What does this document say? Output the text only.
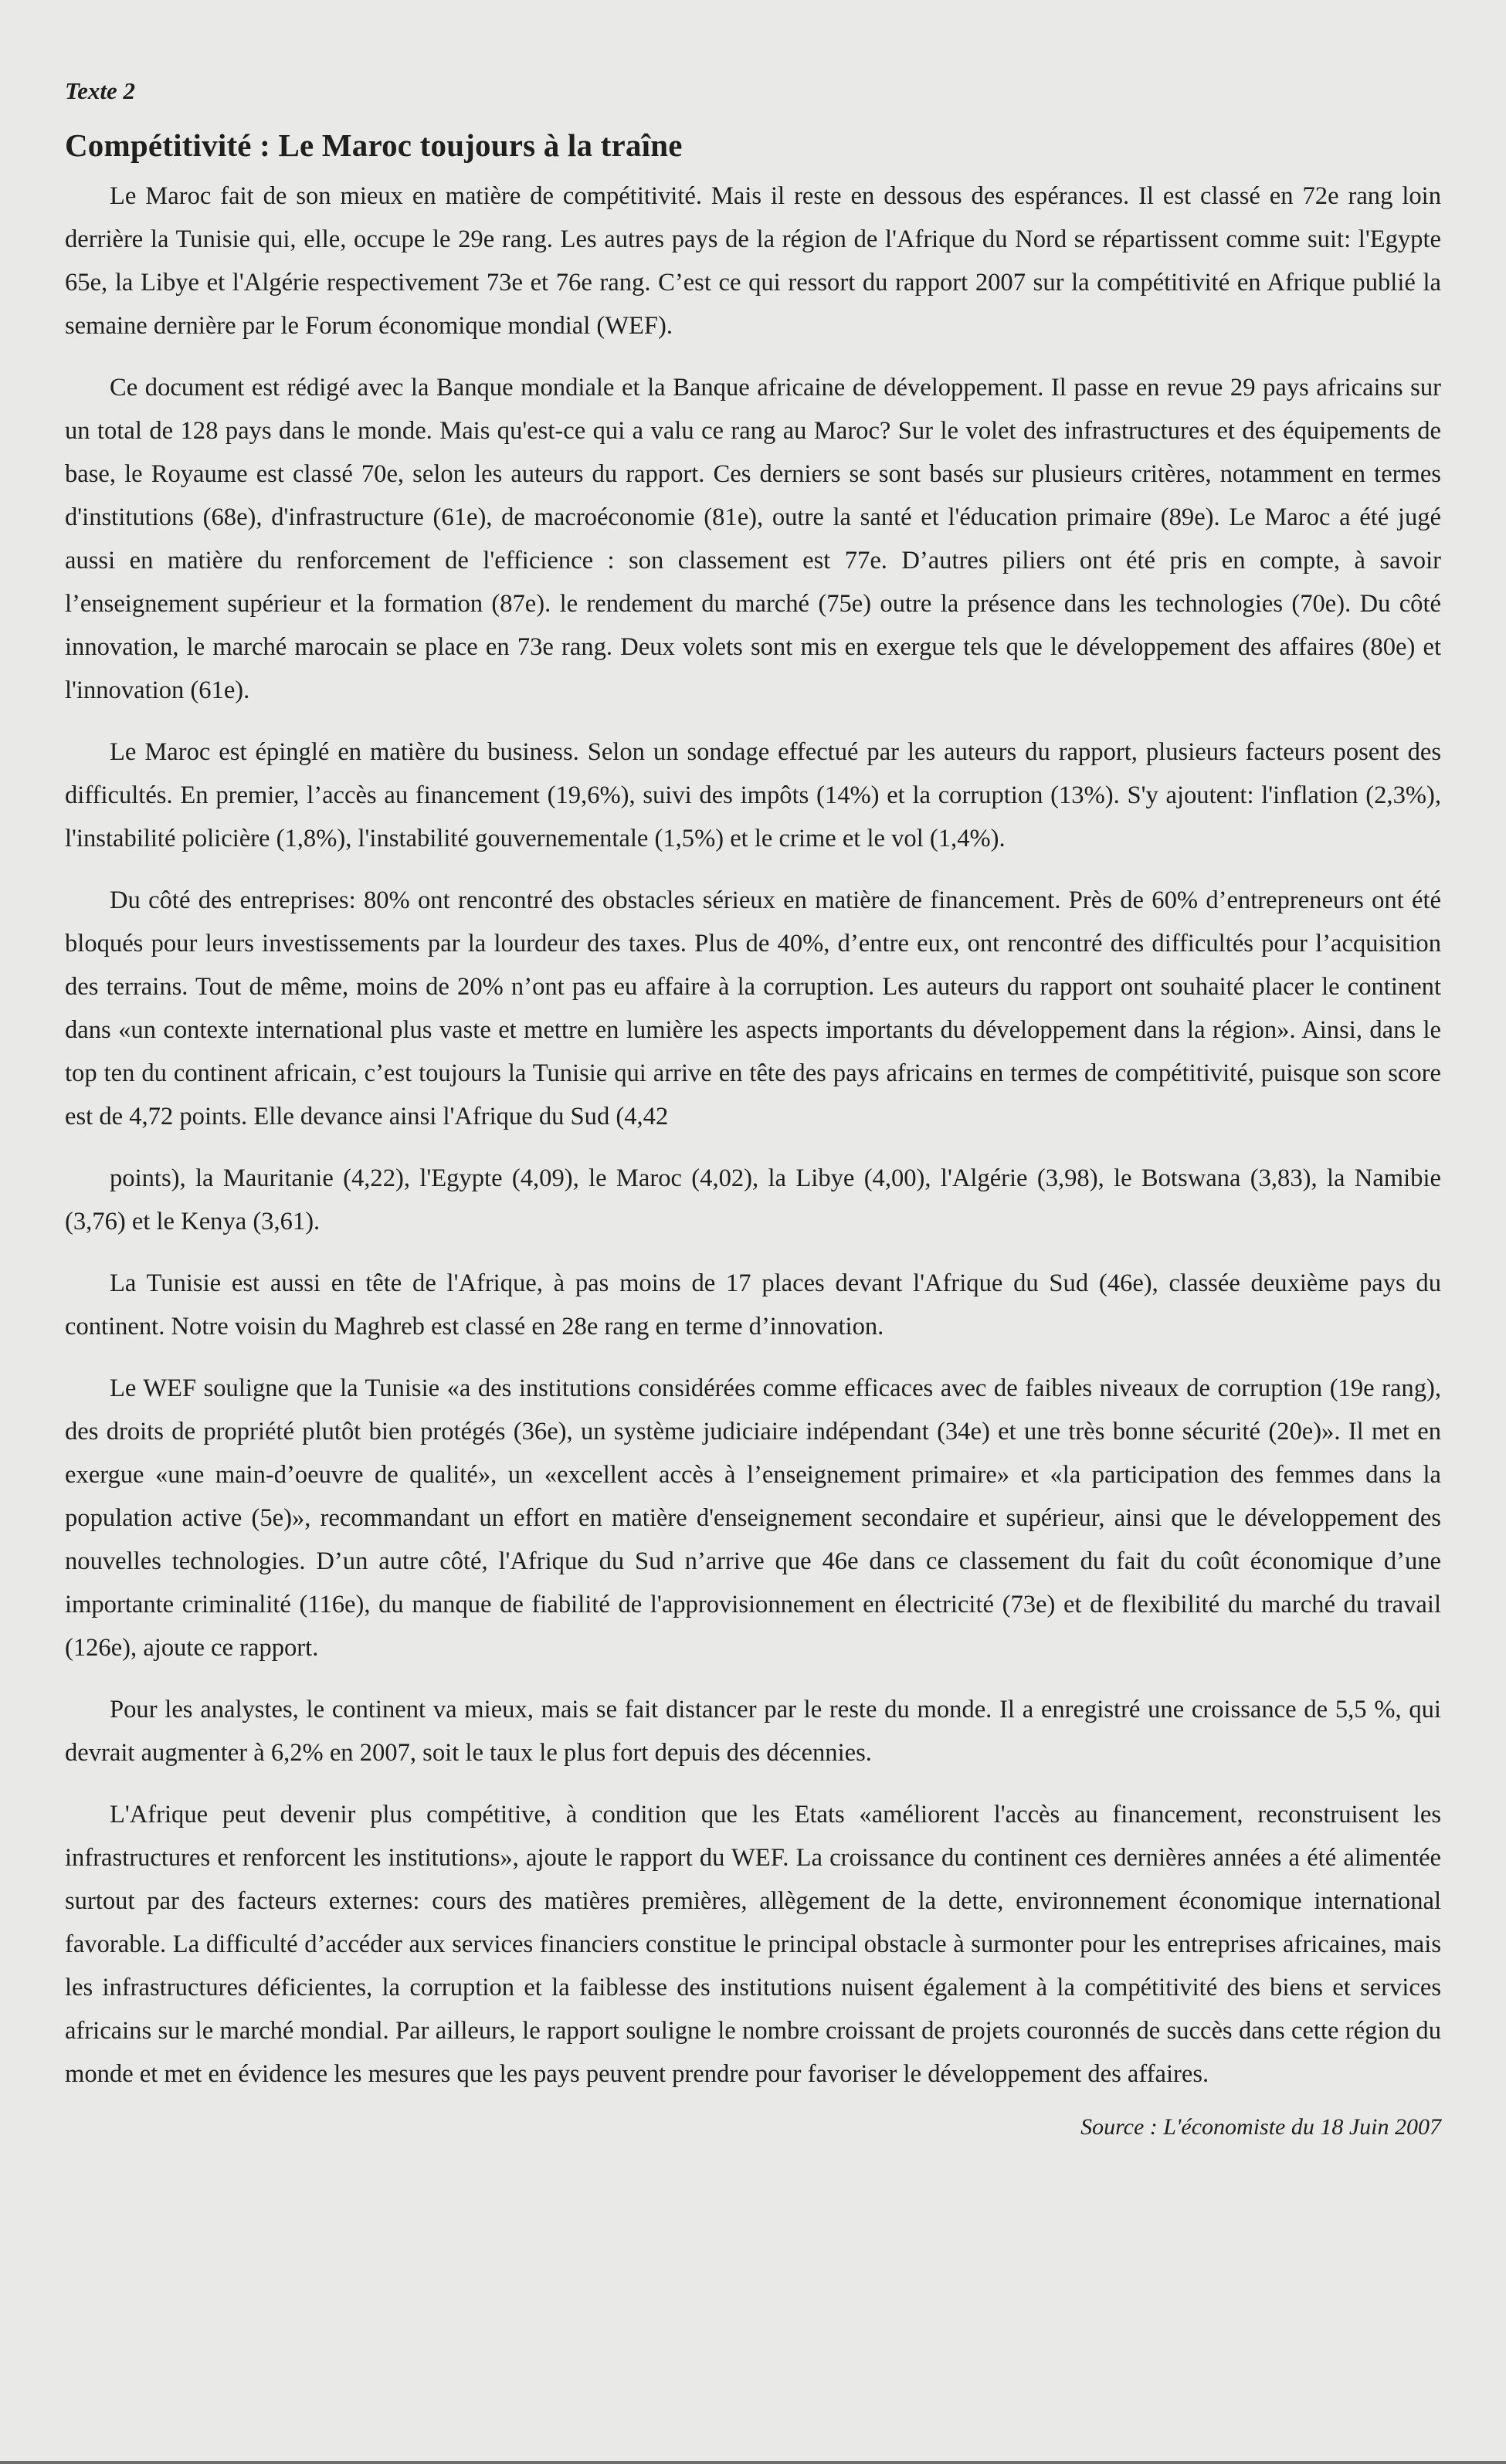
Texte 2
Compétitivité : Le Maroc toujours à la traîne

Le Maroc fait de son mieux en matière de compétitivité. Mais il reste en dessous des espérances. Il est classé en 72e rang loin derrière la Tunisie qui, elle, occupe le 29e rang. Les autres pays de la région de l'Afrique du Nord se répartissent comme suit: l'Egypte 65e, la Libye et l'Algérie respectivement 73e et 76e rang. C’est ce qui ressort du rapport 2007 sur la compétitivité en Afrique publié la semaine dernière par le Forum économique mondial (WEF).

Ce document est rédigé avec la Banque mondiale et la Banque africaine de développement. Il passe en revue 29 pays africains sur un total de 128 pays dans le monde. Mais qu'est-ce qui a valu ce rang au Maroc? Sur le volet des infrastructures et des équipements de base, le Royaume est classé 70e, selon les auteurs du rapport. Ces derniers se sont basés sur plusieurs critères, notamment en termes d'institutions (68e), d'infrastructure (61e), de macroéconomie (81e), outre la santé et l'éducation primaire (89e). Le Maroc a été jugé aussi en matière du renforcement de l'efficience : son classement est 77e. D’autres piliers ont été pris en compte, à savoir l’enseignement supérieur et la formation (87e). le rendement du marché (75e) outre la présence dans les technologies (70e). Du côté innovation, le marché marocain se place en 73e rang. Deux volets sont mis en exergue tels que le développement des affaires (80e) et l'innovation (61e).

Le Maroc est épinglé en matière du business. Selon un sondage effectué par les auteurs du rapport, plusieurs facteurs posent des difficultés. En premier, l’accès au financement (19,6%), suivi des impôts (14%) et la corruption (13%). S'y ajoutent: l'inflation (2,3%), l'instabilité policière (1,8%), l'instabilité gouvernementale (1,5%) et le crime et le vol (1,4%).

Du côté des entreprises: 80% ont rencontré des obstacles sérieux en matière de financement. Près de 60% d’entrepreneurs ont été bloqués pour leurs investissements par la lourdeur des taxes. Plus de 40%, d’entre eux, ont rencontré des difficultés pour l’acquisition des terrains. Tout de même, moins de 20% n’ont pas eu affaire à la corruption. Les auteurs du rapport ont souhaité placer le continent dans «un contexte international plus vaste et mettre en lumière les aspects importants du développement dans la région». Ainsi, dans le top ten du continent africain, c’est toujours la Tunisie qui arrive en tête des pays africains en termes de compétitivité, puisque son score est de 4,72 points. Elle devance ainsi l'Afrique du Sud (4,42

points), la Mauritanie (4,22), l'Egypte (4,09), le Maroc (4,02), la Libye (4,00), l'Algérie (3,98), le Botswana (3,83), la Namibie (3,76) et le Kenya (3,61).

La Tunisie est aussi en tête de l'Afrique, à pas moins de 17 places devant l'Afrique du Sud (46e), classée deuxième pays du continent. Notre voisin du Maghreb est classé en 28e rang en terme d’innovation.

Le WEF souligne que la Tunisie «a des institutions considérées comme efficaces avec de faibles niveaux de corruption (19e rang), des droits de propriété plutôt bien protégés (36e), un système judiciaire indépendant (34e) et une très bonne sécurité (20e)». Il met en exergue «une main-d’oeuvre de qualité», un «excellent accès à l’enseignement primaire» et «la participation des femmes dans la population active (5e)», recommandant un effort en matière d'enseignement secondaire et supérieur, ainsi que le développement des nouvelles technologies. D’un autre côté, l'Afrique du Sud n’arrive que 46e dans ce classement du fait du coût économique d’une importante criminalité (116e), du manque de fiabilité de l'approvisionnement en électricité (73e) et de flexibilité du marché du travail (126e), ajoute ce rapport.

Pour les analystes, le continent va mieux, mais se fait distancer par le reste du monde. Il a enregistré une croissance de 5,5 %, qui devrait augmenter à 6,2% en 2007, soit le taux le plus fort depuis des décennies.

L'Afrique peut devenir plus compétitive, à condition que les Etats «améliorent l'accès au financement, reconstruisent les infrastructures et renforcent les institutions», ajoute le rapport du WEF. La croissance du continent ces dernières années a été alimentée surtout par des facteurs externes: cours des matières premières, allègement de la dette, environnement économique international favorable. La difficulté d’accéder aux services financiers constitue le principal obstacle à surmonter pour les entreprises africaines, mais les infrastructures déficientes, la corruption et la faiblesse des institutions nuisent également à la compétitivité des biens et services africains sur le marché mondial. Par ailleurs, le rapport souligne le nombre croissant de projets couronnés de succès dans cette région du monde et met en évidence les mesures que les pays peuvent prendre pour favoriser le développement des affaires.

Source : L'économiste du 18 Juin 2007
